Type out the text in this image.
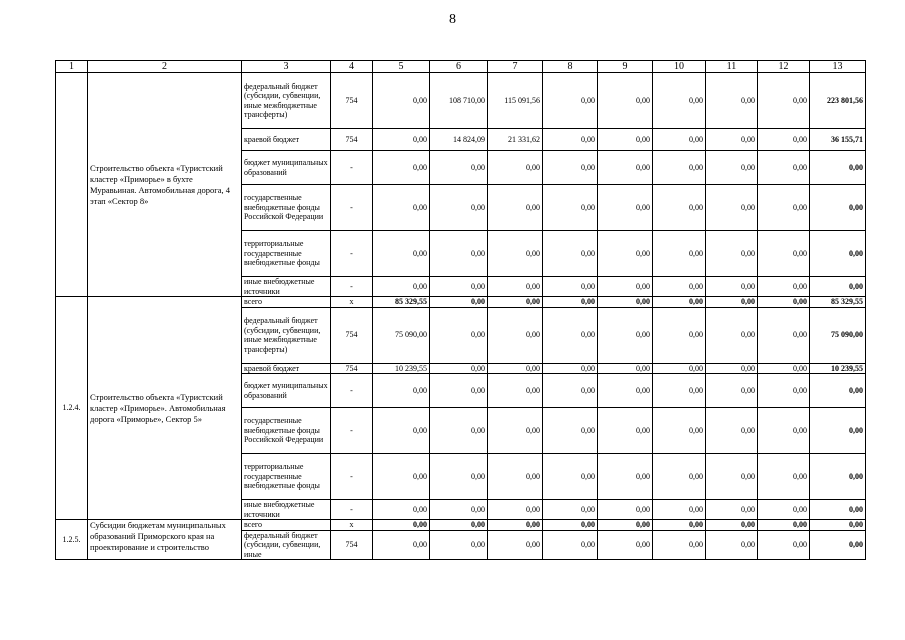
8
1	2	3	4	5	6	7	8	9	10	11	12	13
	Строительство объекта «Туристский кластер «Приморье» в бухте Муравьиная. Автомобильная дорога, 4 этап «Сектор 8»	федеральный бюджет (субсидии, субвенции, иные межбюджетные трансферты)	754	0,00	108 710,00	115 091,56	0,00	0,00	0,00	0,00	0,00	223 801,56
		краевой бюджет	754	0,00	14 824,09	21 331,62	0,00	0,00	0,00	0,00	0,00	36 155,71
		бюджет муниципальных образований	-	0,00	0,00	0,00	0,00	0,00	0,00	0,00	0,00	0,00
		государственные внебюджетные фонды Российской Федерации	-	0,00	0,00	0,00	0,00	0,00	0,00	0,00	0,00	0,00
		территориальные государственные внебюджетные фонды	-	0,00	0,00	0,00	0,00	0,00	0,00	0,00	0,00	0,00
		иные внебюджетные источники	-	0,00	0,00	0,00	0,00	0,00	0,00	0,00	0,00	0,00
1.2.4.	Строительство объекта «Туристский кластер «Приморье». Автомобильная дорога «Приморье», Сектор 5»	всего	x	85 329,55	0,00	0,00	0,00	0,00	0,00	0,00	0,00	85 329,55
		федеральный бюджет (субсидии, субвенции, иные межбюджетные трансферты)	754	75 090,00	0,00	0,00	0,00	0,00	0,00	0,00	0,00	75 090,00
		краевой бюджет	754	10 239,55	0,00	0,00	0,00	0,00	0,00	0,00	0,00	10 239,55
		бюджет муниципальных образований	-	0,00	0,00	0,00	0,00	0,00	0,00	0,00	0,00	0,00
		государственные внебюджетные фонды Российской Федерации	-	0,00	0,00	0,00	0,00	0,00	0,00	0,00	0,00	0,00
		территориальные государственные внебюджетные фонды	-	0,00	0,00	0,00	0,00	0,00	0,00	0,00	0,00	0,00
		иные внебюджетные источники	-	0,00	0,00	0,00	0,00	0,00	0,00	0,00	0,00	0,00
1.2.5.	Субсидии бюджетам муниципальных образований Приморского края на проектирование и строительство	всего	x	0,00	0,00	0,00	0,00	0,00	0,00	0,00	0,00	0,00
		федеральный бюджет (субсидии, субвенции, иные	754	0,00	0,00	0,00	0,00	0,00	0,00	0,00	0,00	0,00
